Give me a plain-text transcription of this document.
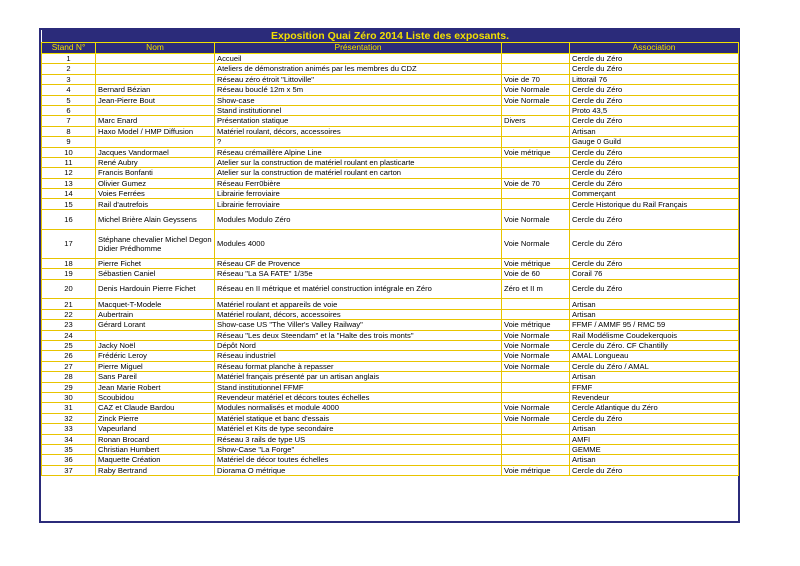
Exposition Quai Zéro 2014 Liste des exposants.				
Stand N°	Nom	Présentation		Association
1		Accueil		Cercle du Zéro
2		Ateliers de démonstration animés par les membres du CDZ		Cercle du Zéro
3		Réseau zéro étroit "Littoville"	Voie de 70	Littorail 76
4	Bernard Bézian	Réseau bouclé 12m x 5m	Voie Normale	Cercle du Zéro
5	Jean-Pierre Bout	Show-case	Voie Normale	Cercle du Zéro
6		Stand institutionnel		Proto 43,5
7	Marc Enard	Présentation statique	Divers	Cercle du Zéro
8	Haxo Model / HMP Diffusion	Matériel roulant, décors, accessoires		Artisan
9		?		Gauge 0 Guild
10	Jacques Vandormael	Réseau crémaillère Alpine Line	Voie métrique	Cercle du Zéro
11	René Aubry	Atelier sur la construction de matériel roulant en plasticarte		Cercle du Zéro
12	Francis Bonfanti	Atelier sur la construction de matériel roulant en carton		Cercle du Zéro
13	Olivier Gumez	Réseau Ferr0bière	Voie de 70	Cercle du Zéro
14	Voies Ferrées	Librairie ferroviaire		Commerçant
15	Rail d'autrefois	Librairie ferroviaire		Cercle Historique du Rail Français
16	Michel Brière Alain Geyssens	Modules Modulo Zéro	Voie Normale	Cercle du Zéro
17	Stéphane chevalier Michel Degon Didier Prédhomme	Modules 4000	Voie Normale	Cercle du Zéro
18	Pierre Fichet	Réseau CF de Provence	Voie métrique	Cercle du Zéro
19	Sébastien Caniel	Réseau "La SA FATE" 1/35e	Voie de 60	Corail 76
20	Denis Hardouin Pierre Fichet	Réseau en II métrique et matériel construction intégrale en Zéro	Zéro et II m	Cercle du Zéro
21	Macquet-T-Modele	Matériel roulant et appareils de voie		Artisan
22	Aubertrain	Matériel roulant, décors, accessoires		Artisan
23	Gérard Lorant	Show-case US "The Viller's Valley Railway"	Voie métrique	FFMF / AMMF 95 / RMC 59
24		Réseau "Les deux Steendam" et la "Halte des trois monts"	Voie Normale	Rail Modélisme Coudekerquois
25	Jacky Noël	Dépôt Nord	Voie Normale	Cercle du Zéro. CF Chantilly
26	Frédéric Leroy	Réseau industriel	Voie Normale	AMAL Longueau
27	Pierre Miguel	Réseau format planche à repasser	Voie Normale	Cercle du Zéro / AMAL
28	Sans Pareil	Matériel français présenté par un artisan anglais		Artisan
29	Jean Marie Robert	Stand institutionnel FFMF		FFMF
30	Scoubidou	Revendeur matériel et décors toutes échelles		Revendeur
31	CAZ et Claude Bardou	Modules normalisés et module 4000	Voie Normale	Cercle Atlantique du Zéro
32	Zinck Pierre	Matériel statique et banc d'essais	Voie Normale	Cercle du Zéro
33	Vapeurland	Matériel et Kits de type secondaire		Artisan
34	Ronan Brocard	Réseau 3 rails de type US		AMFI
35	Christian Humbert	Show-Case "La Forge"		GEMME
36	Maquette Création	Matériel de décor toutes échelles		Artisan
37	Raby Bertrand	Diorama O métrique	Voie métrique	Cercle du Zéro
